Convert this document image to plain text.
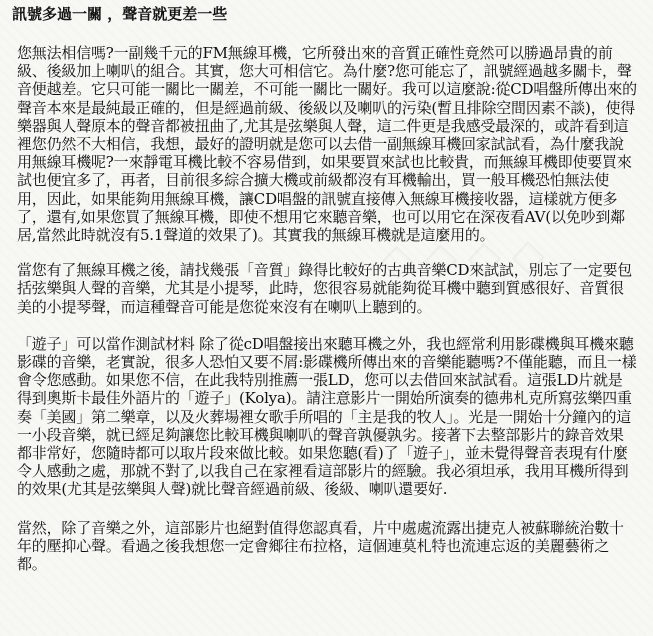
訊號多過一關 ，聲音就更差一些

您無法相信嗎?一副幾千元的FM無線耳機，它所發出來的音質正確性竟然可以勝過昂貴的前級、後級加上喇叭的組合。其實，您大可相信它。為什麼?您可能忘了，訊號經過越多關卡，聲音便越差。它只可能一關比一關差，不可能一關比一關好。我可以這麼說:從CD唱盤所傳出來的聲音本來是最純最正確的，但是經過前級、後級以及喇叭的污染(暫且排除空間因素不談)，使得樂器與人聲原本的聲音都被扭曲了,尤其是弦樂與人聲，這二件更是我感受最深的，或許看到這裡您仍然不大相信，我想，最好的證明就是您可以去借一副無線耳機回家試試看，為什麼我說用無線耳機呢?一來靜電耳機比較不容易借到，如果要買來試也比較貴，而無線耳機即使要買來試也便宜多了，再者，目前很多綜合擴大機或前級都沒有耳機輸出，買一般耳機恐怕無法使用，因此，如果能夠用無線耳機，讓CD唱盤的訊號直接傳入無線耳機接收器，這樣就方便多了，還有,如果您買了無線耳機，即使不想用它來聽音樂，也可以用它在深夜看AV(以免吵到鄰居,當然此時就沒有5.1聲道的效果了)。其實我的無線耳機就是這麼用的。

當您有了無線耳機之後，請找幾張「音質」錄得比較好的古典音樂CD來試試，別忘了一定要包括弦樂與人聲的音樂，尤其是小提琴，此時，您很容易就能夠從耳機中聽到質感很好、音質很美的小提琴聲，而這種聲音可能是您從來沒有在喇叭上聽到的。

「遊子」可以當作測試材料 除了從cD唱盤接出來聽耳機之外，我也經常利用影碟機與耳機來聽影碟的音樂，老實說，很多人恐怕又要不屑:影碟機所傳出來的音樂能聽嗎?不僅能聽，而且一樣會令您感動。如果您不信，在此我特別推薦一張LD，您可以去借回來試試看。這張LD片就是得到奧斯卡最佳外語片的「遊子」(Kolya)。請注意影片一開始所演奏的德弗札克所寫弦樂四重奏「美國」第二樂章，以及火葬場裡女歌手所唱的「主是我的牧人」。光是一開始十分鐘內的這一小段音樂，就已經足夠讓您比較耳機與喇叭的聲音孰優孰劣。接著下去整部影片的錄音效果都非常好，您隨時都可以取片段來做比較。如果您聽(看)了「遊子」，並未覺得聲音表現有什麼令人感動之處，那就不對了,以我自己在家裡看這部影片的經驗。我必須坦承，我用耳機所得到的效果(尤其是弦樂與人聲)就比聲音經過前級、後級、喇叭還要好.

當然，除了音樂之外，這部影片也絕對值得您認真看，片中處處流露出捷克人被蘇聯統治數十年的壓抑心聲。看過之後我想您一定會鄉往布拉格，這個連莫札特也流連忘返的美麗藝術之都。
